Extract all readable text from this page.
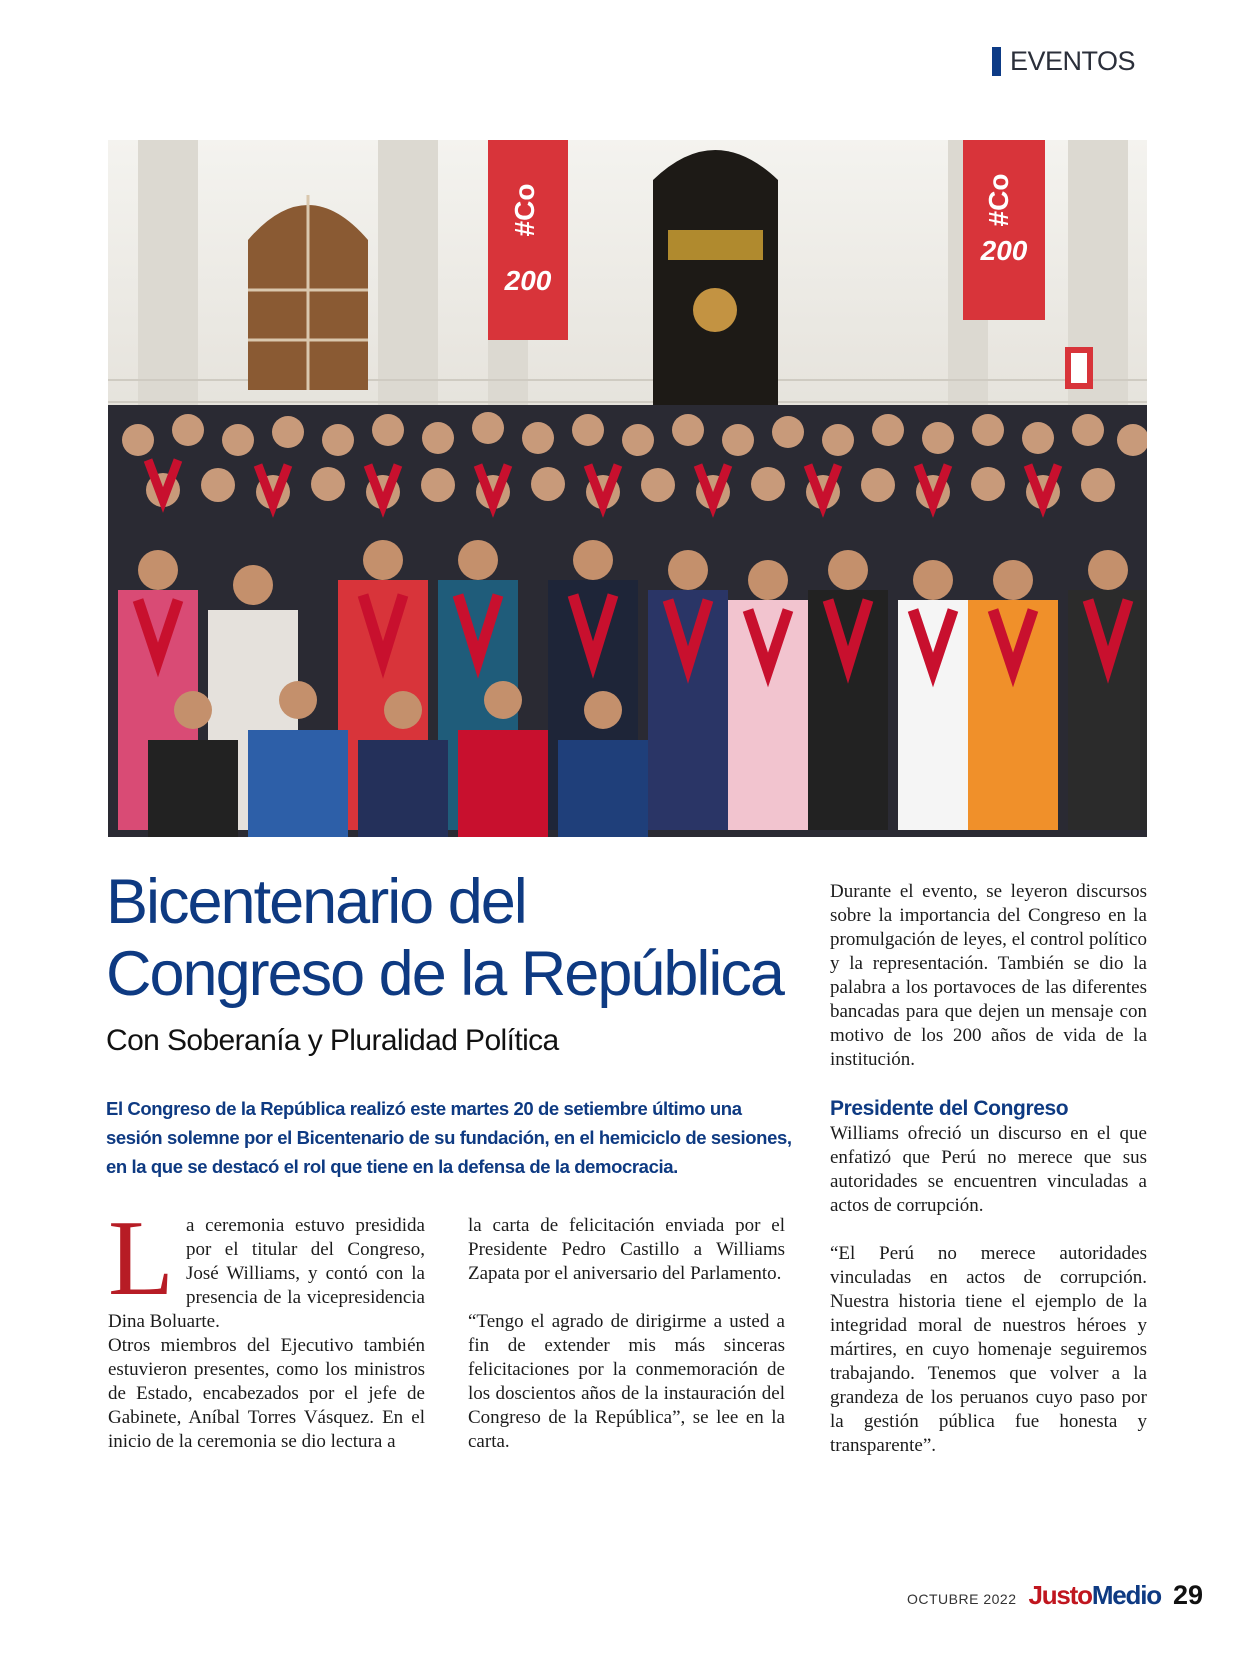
EVENTOS
#Co
200
#Co
200
Bicentenario del
Congreso de la República
Con Soberanía y Pluralidad Política

El Congreso de la República realizó este martes 20 de setiembre último una sesión solemne por el Bicentenario de su fundación, en el hemiciclo de sesiones, en la que se destacó el rol que tiene en la defensa de la democracia.

L a ceremonia estuvo presidida por el titular del Congreso, José Williams, y contó con la presencia de la vicepresidencia Dina Boluarte.

Otros miembros del Ejecutivo también estuvieron presentes, como los ministros de Estado, encabezados por el jefe de Gabinete, Aníbal Torres Vásquez. En el inicio de la ceremonia se dio lectura a

la carta de felicitación enviada por el Presidente Pedro Castillo a Williams Zapata por el aniversario del Parlamento.

“Tengo el agrado de dirigirme a usted a fin de extender mis más sinceras felicitaciones por la conmemoración de los doscientos años de la instauración del Congreso de la República”, se lee en la carta.

Durante el evento, se leyeron discursos sobre la importancia del Congreso en la promulgación de leyes, el control político y la representación. También se dio la palabra a los portavoces de las diferentes bancadas para que dejen un mensaje con motivo de los 200 años de vida de la institución.

Presidente del Congreso

Williams ofreció un discurso en el que enfatizó que Perú no merece que sus autoridades se encuentren vinculadas a actos de corrupción.

“El Perú no merece autoridades vinculadas en actos de corrupción. Nuestra historia tiene el ejemplo de la integridad moral de nuestros héroes y mártires, en cuyo homenaje seguiremos trabajando. Tenemos que volver a la grandeza de los peruanos cuyo paso por la gestión pública fue honesta y transparente”.

OCTUBRE 2022 JustoMedio 29
